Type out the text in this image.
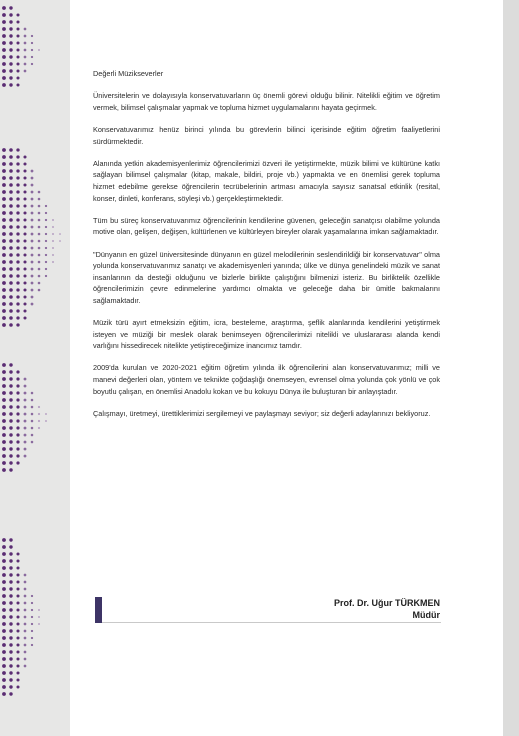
Değerli Müzikseverler

Üniversitelerin ve dolayısıyla konservatuvarların üç önemli görevi olduğu bilinir. Nitelikli eğitim ve öğretim vermek, bilimsel çalışmalar yapmak ve topluma hizmet uygulamalarını hayata geçirmek.

Konservatuvarımız henüz birinci yılında bu görevlerin bilinci içerisinde eğitim öğretim faaliyetlerini sürdürmektedir.

Alanında yetkin akademisyenlerimiz öğrencilerimizi özveri ile yetiştirmekte, müzik bilimi ve kültürüne katkı sağlayan bilimsel çalışmalar (kitap, makale, bildiri, proje vb.) yapmakta ve en önemlisi gerek topluma hizmet edebilme gerekse öğrencilerin tecrübelerinin artması amacıyla sayısız sanatsal etkinlik (resital, konser, dinleti, konferans, söyleşi vb.) gerçekleştirmektedir.

Tüm bu süreç konservatuvarımız öğrencilerinin kendilerine güvenen, geleceğin sanatçısı olabilme yolunda motive olan, gelişen, değişen, kültürlenen ve kültürleyen bireyler olarak yaşamalarına imkan sağlamaktadır.

"Dünyanın en güzel üniversitesinde dünyanın en güzel melodilerinin seslendirildiği bir konservatuvar" olma yolunda konservatuvarımız sanatçı ve akademisyenleri yanında; ülke ve dünya genelindeki müzik ve sanat insanlarının da desteği olduğunu ve bizlerle birlikte çalıştığını bilmenizi isteriz. Bu birliktelik özellikle öğrencilerimizin çevre edinmelerine yardımcı olmakta ve geleceğe daha bir ümitle bakmalarını sağlamaktadır.

Müzik türü ayırt etmeksizin eğitim, icra, besteleme, araştırma, şeflik alanlarında kendilerini yetiştirmek isteyen ve müziği bir meslek olarak benimseyen öğrencilerimizi nitelikli ve uluslararası alanda kendi varlığını hissedirecek nitelikte yetiştireceğimize inancımız tamdır.

2009'da kurulan ve 2020-2021 eğitim öğretim yılında ilk öğrencilerini alan konservatuvarımız; milli ve manevi değerleri olan, yöntem ve teknikte çoğdaşlığı önemseyen, evrensel olma yolunda çok yönlü ve çok boyutlu çalışan, en önemlisi Anadolu kokan ve bu kokuyu Dünya ile buluşturan bir anlayıştadır.

Çalışmayı, üretmeyi, ürettiklerimizi sergilemeyi ve paylaşmayı seviyor; siz değerli adaylarınızı bekliyoruz.

Prof. Dr. Uğur TÜRKMEN
Müdür
